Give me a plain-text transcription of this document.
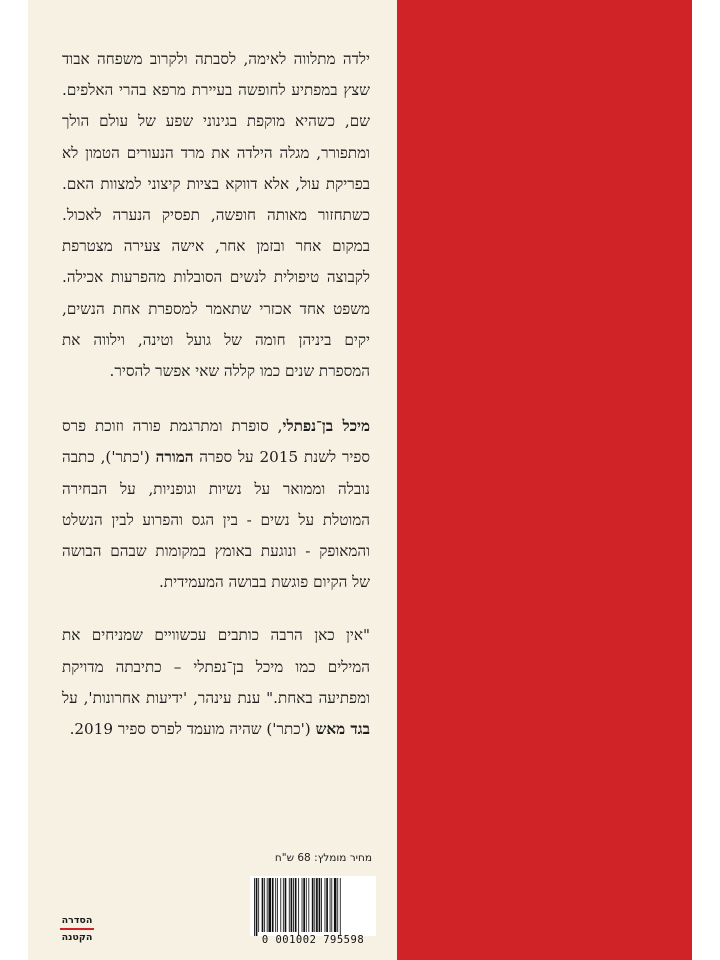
ילדה מתלווה לאימה, לסבתה ולקרוב משפחה אבוד
שצץ במפתיע לחופשה בעיירת מרפא בהרי האלפים.
שם, כשהיא מוקפת בגינוני שפע של עולם הולך
ומתפורר, מגלה הילדה את מרד הנעורים הטמון לא
בפריקת עול, אלא דווקא בציות קיצוני למצוות האם.
כשתחזור מאותה חופשה, תפסיק הנערה לאכול.
במקום אחר ובזמן אחר, אישה צעירה מצטרפת
לקבוצה טיפולית לנשים הסובלות מהפרעות אכילה.
משפט אחד אכזרי שתאמר למספרת אחת הנשים,
יקים ביניהן חומה של גועל וטינה, וילווה את
המספרת שנים כמו קללה שאי אפשר להסיר.

מיכל בן־נפתלי, סופרת ומתרגמת פורה וזוכת פרס
ספיר לשנת 2015 על ספרה המורה ('כתר'), כתבה
נובלה וממואר על נשיות וגופניות, על הבחירה
המוטלת על נשים - בין הגס והפרוע לבין הנשלט
והמאופק - ונוגעת באומץ במקומות שבהם הבושה
של הקיום פוגשת בבושה המעמידית.

"אין כאן הרבה כותבים עכשוויים שמניחים את
המילים כמו מיכל בן־נפתלי – כתיבתה מדויקת
ומפתיעה באחת." ענת עינהר, 'ידיעות אחרונות', על
בגד מאש ('כתר') שהיה מועמד לפרס ספיר 2019.

מחיר מומלץ: 68 ש"ח
0 001002 795598
הסדרה
הקטנה
